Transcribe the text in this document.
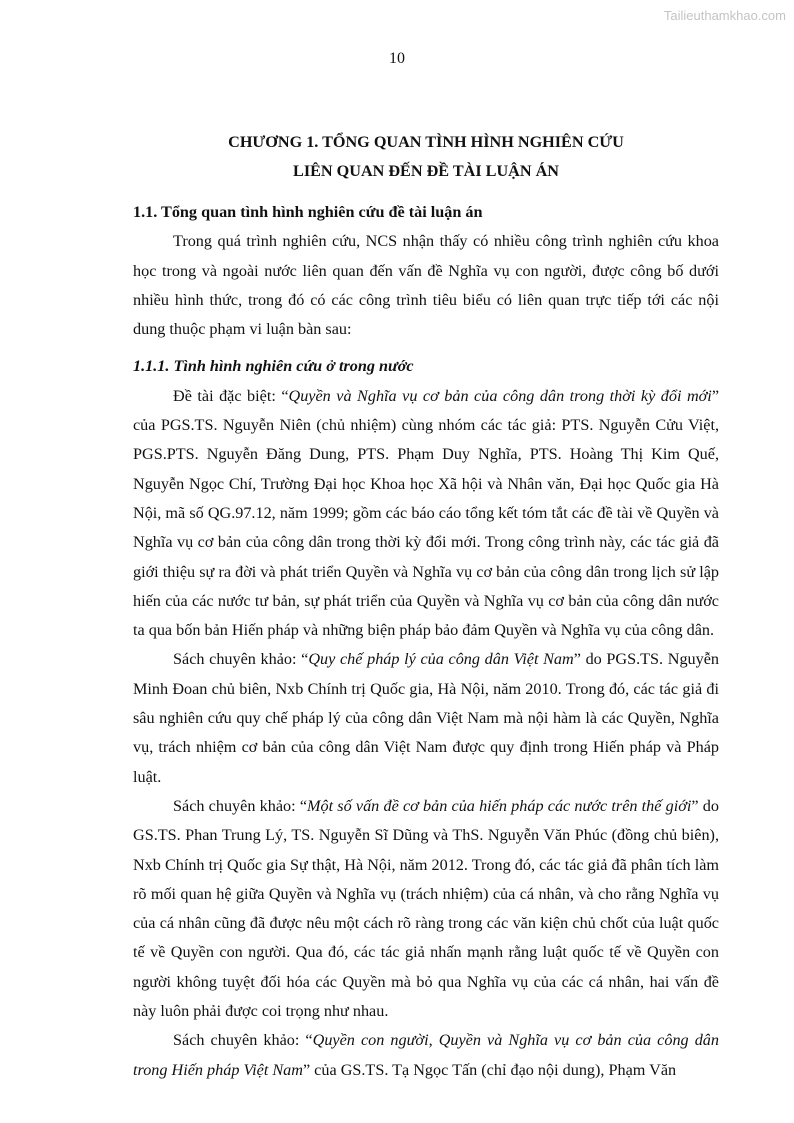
Tailieuthamkhao.com
10
CHƯƠNG 1. TỔNG QUAN TÌNH HÌNH NGHIÊN CỨU
LIÊN QUAN ĐẾN ĐỀ TÀI LUẬN ÁN
1.1. Tổng quan tình hình nghiên cứu đề tài luận án

Trong quá trình nghiên cứu, NCS nhận thấy có nhiều công trình nghiên cứu khoa học trong và ngoài nước liên quan đến vấn đề Nghĩa vụ con người, được công bố dưới nhiều hình thức, trong đó có các công trình tiêu biểu có liên quan trực tiếp tới các nội dung thuộc phạm vi luận bàn sau:

1.1.1. Tình hình nghiên cứu ở trong nước

Đề tài đặc biệt: “Quyền và Nghĩa vụ cơ bản của công dân trong thời kỳ đổi mới” của PGS.TS. Nguyễn Niên (chủ nhiệm) cùng nhóm các tác giả: PTS. Nguyễn Cửu Việt, PGS.PTS. Nguyễn Đăng Dung, PTS. Phạm Duy Nghĩa, PTS. Hoàng Thị Kim Quế, Nguyễn Ngọc Chí, Trường Đại học Khoa học Xã hội và Nhân văn, Đại học Quốc gia Hà Nội, mã số QG.97.12, năm 1999; gồm các báo cáo tổng kết tóm tắt các đề tài về Quyền và Nghĩa vụ cơ bản của công dân trong thời kỳ đổi mới. Trong công trình này, các tác giả đã giới thiệu sự ra đời và phát triển Quyền và Nghĩa vụ cơ bản của công dân trong lịch sử lập hiến của các nước tư bản, sự phát triển của Quyền và Nghĩa vụ cơ bản của công dân nước ta qua bốn bản Hiến pháp và những biện pháp bảo đảm Quyền và Nghĩa vụ của công dân.

Sách chuyên khảo: “Quy chế pháp lý của công dân Việt Nam” do PGS.TS. Nguyễn Minh Đoan chủ biên, Nxb Chính trị Quốc gia, Hà Nội, năm 2010. Trong đó, các tác giả đi sâu nghiên cứu quy chế pháp lý của công dân Việt Nam mà nội hàm là các Quyền, Nghĩa vụ, trách nhiệm cơ bản của công dân Việt Nam được quy định trong Hiến pháp và Pháp luật.

Sách chuyên khảo: “Một số vấn đề cơ bản của hiến pháp các nước trên thế giới” do GS.TS. Phan Trung Lý, TS. Nguyễn Sĩ Dũng và ThS. Nguyễn Văn Phúc (đồng chủ biên), Nxb Chính trị Quốc gia Sự thật, Hà Nội, năm 2012. Trong đó, các tác giả đã phân tích làm rõ mối quan hệ giữa Quyền và Nghĩa vụ (trách nhiệm) của cá nhân, và cho rằng Nghĩa vụ của cá nhân cũng đã được nêu một cách rõ ràng trong các văn kiện chủ chốt của luật quốc tế về Quyền con người. Qua đó, các tác giả nhấn mạnh rằng luật quốc tế về Quyền con người không tuyệt đối hóa các Quyền mà bỏ qua Nghĩa vụ của các cá nhân, hai vấn đề này luôn phải được coi trọng như nhau.

Sách chuyên khảo: “Quyền con người, Quyền và Nghĩa vụ cơ bản của công dân trong Hiến pháp Việt Nam” của GS.TS. Tạ Ngọc Tấn (chỉ đạo nội dung), Phạm Văn
